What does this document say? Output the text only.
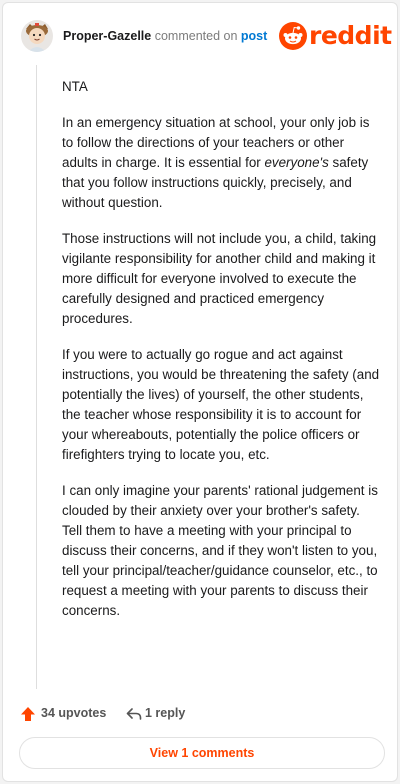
Proper-Gazelle commented on post reddit

NTA

In an emergency situation at school, your only job is to follow the directions of your teachers or other adults in charge. It is essential for everyone's safety that you follow instructions quickly, precisely, and without question.

Those instructions will not include you, a child, taking vigilante responsibility for another child and making it more difficult for everyone involved to execute the carefully designed and practiced emergency procedures.

If you were to actually go rogue and act against instructions, you would be threatening the safety (and potentially the lives) of yourself, the other students, the teacher whose responsibility it is to account for your whereabouts, potentially the police officers or firefighters trying to locate you, etc.

I can only imagine your parents' rational judgement is clouded by their anxiety over your brother's safety. Tell them to have a meeting with your principal to discuss their concerns, and if they won't listen to you, tell your principal/teacher/guidance counselor, etc., to request a meeting with your parents to discuss their concerns.

34 upvotes	1 reply
View 1 comments
